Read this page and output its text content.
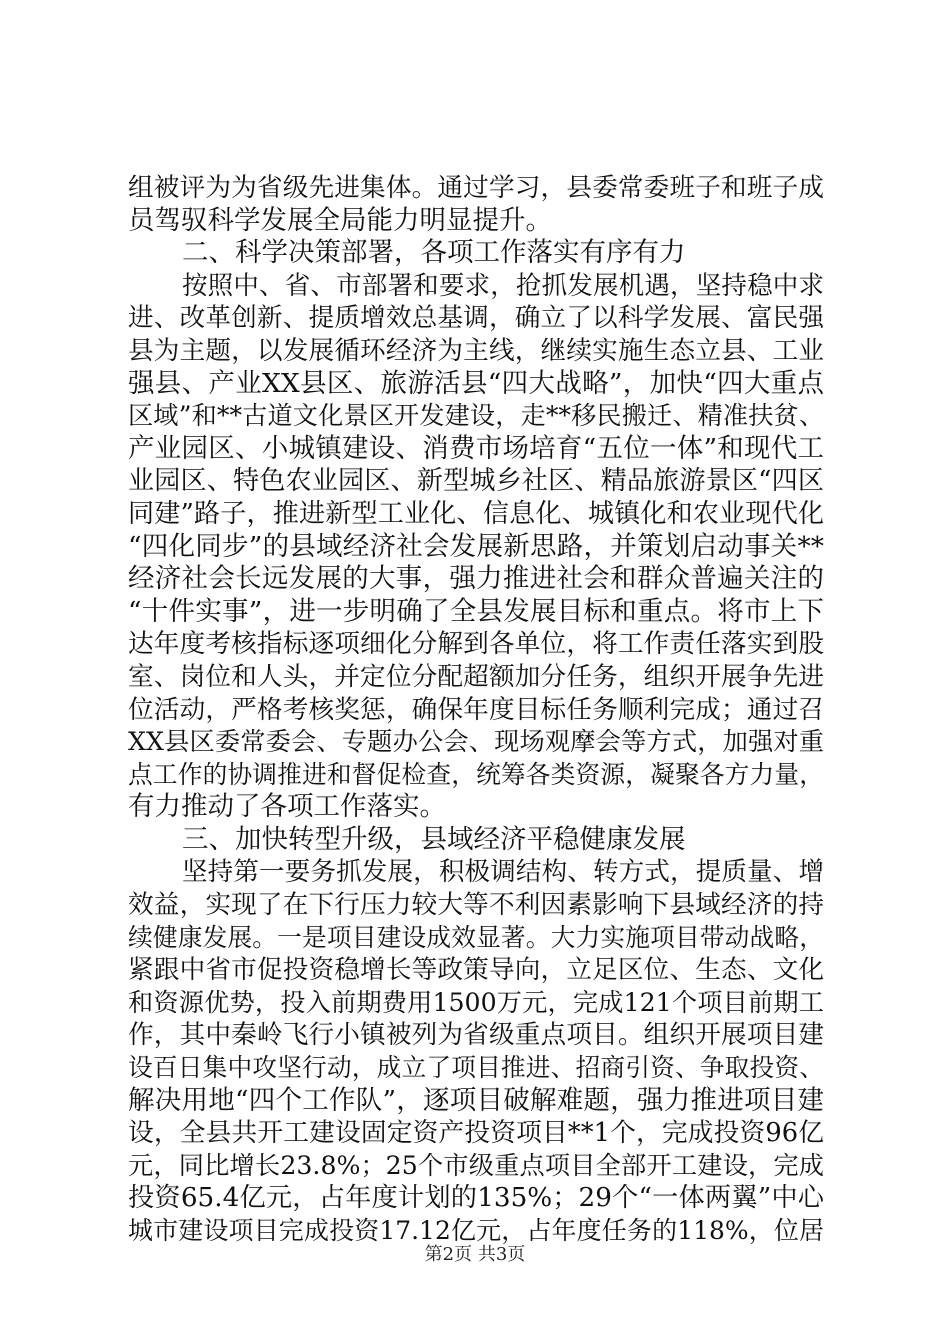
组被评为为省级先进集体。通过学习，县委常委班子和班子成
员驾驭科学发展全局能力明显提升。
二、科学决策部署，各项工作落实有序有力
按照中、省、市部署和要求，抢抓发展机遇，坚持稳中求
进、改革创新、提质增效总基调，确立了以科学发展、富民强
县为主题，以发展循环经济为主线，继续实施生态立县、工业
强县、产业XX县区、旅游活县“四大战略”，加快“四大重点
区域”和**古道文化景区开发建设，走**移民搬迁、精准扶贫、
产业园区、小城镇建设、消费市场培育“五位一体”和现代工
业园区、特色农业园区、新型城乡社区、精品旅游景区“四区
同建”路子，推进新型工业化、信息化、城镇化和农业现代化
“四化同步”的县域经济社会发展新思路，并策划启动事关**
经济社会长远发展的大事，强力推进社会和群众普遍关注的
“十件实事”，进一步明确了全县发展目标和重点。将市上下
达年度考核指标逐项细化分解到各单位，将工作责任落实到股
室、岗位和人头，并定位分配超额加分任务，组织开展争先进
位活动，严格考核奖惩，确保年度目标任务顺利完成；通过召
XX县区委常委会、专题办公会、现场观摩会等方式，加强对重
点工作的协调推进和督促检查，统筹各类资源，凝聚各方力量，
有力推动了各项工作落实。
三、加快转型升级，县域经济平稳健康发展
坚持第一要务抓发展，积极调结构、转方式，提质量、增
效益，实现了在下行压力较大等不利因素影响下县域经济的持
续健康发展。一是项目建设成效显著。大力实施项目带动战略，
紧跟中省市促投资稳增长等政策导向，立足区位、生态、文化
和资源优势，投入前期费用1500万元，完成121个项目前期工
作，其中秦岭飞行小镇被列为省级重点项目。组织开展项目建
设百日集中攻坚行动，成立了项目推进、招商引资、争取投资、
解决用地“四个工作队”，逐项目破解难题，强力推进项目建
设，全县共开工建设固定资产投资项目**1个，完成投资96亿
元，同比增长23.8%；25个市级重点项目全部开工建设，完成
投资65.4亿元，占年度计划的135%；29个“一体两翼”中心
城市建设项目完成投资17.12亿元，占年度任务的118%，位居
第2页 共3页
